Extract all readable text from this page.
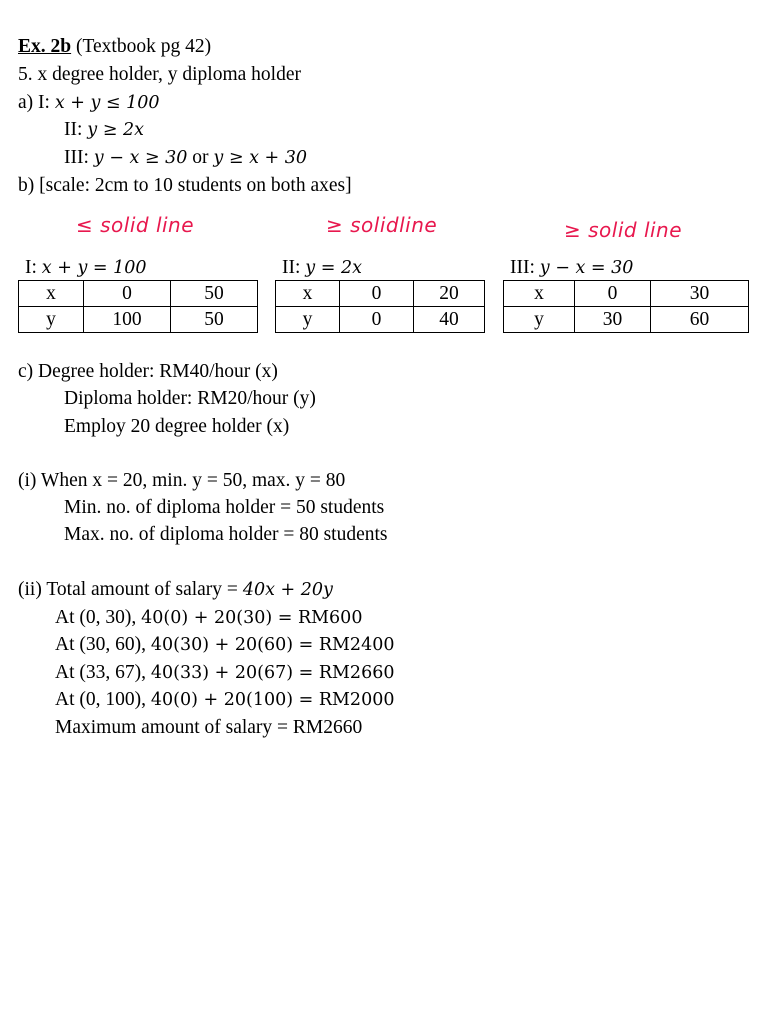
Ex. 2b (Textbook pg 42)
5. x degree holder, y diploma holder
a) I: x + y ≤ 100
II: y ≥ 2x
III: y − x ≥ 30 or y ≥ x + 30
b) [scale: 2cm to 10 students on both axes]
≤ solid line	≥ solidline	≥ solid line
I: x + y = 100	II: y = 2x	III: y − x = 30
x	0	50
y	100	50
x	0	20
y	0	40
x	0	30
y	30	60
c) Degree holder: RM40/hour (x)
Diploma holder: RM20/hour (y)
Employ 20 degree holder (x)
(i) When x = 20, min. y = 50, max. y = 80
Min. no. of diploma holder = 50 students
Max. no. of diploma holder = 80 students
(ii) Total amount of salary = 40x + 20y
At (0, 30), 40(0) + 20(30) = RM600
At (30, 60), 40(30) + 20(60) = RM2400
At (33, 67), 40(33) + 20(67) = RM2660
At (0, 100), 40(0) + 20(100) = RM2000
Maximum amount of salary = RM2660
